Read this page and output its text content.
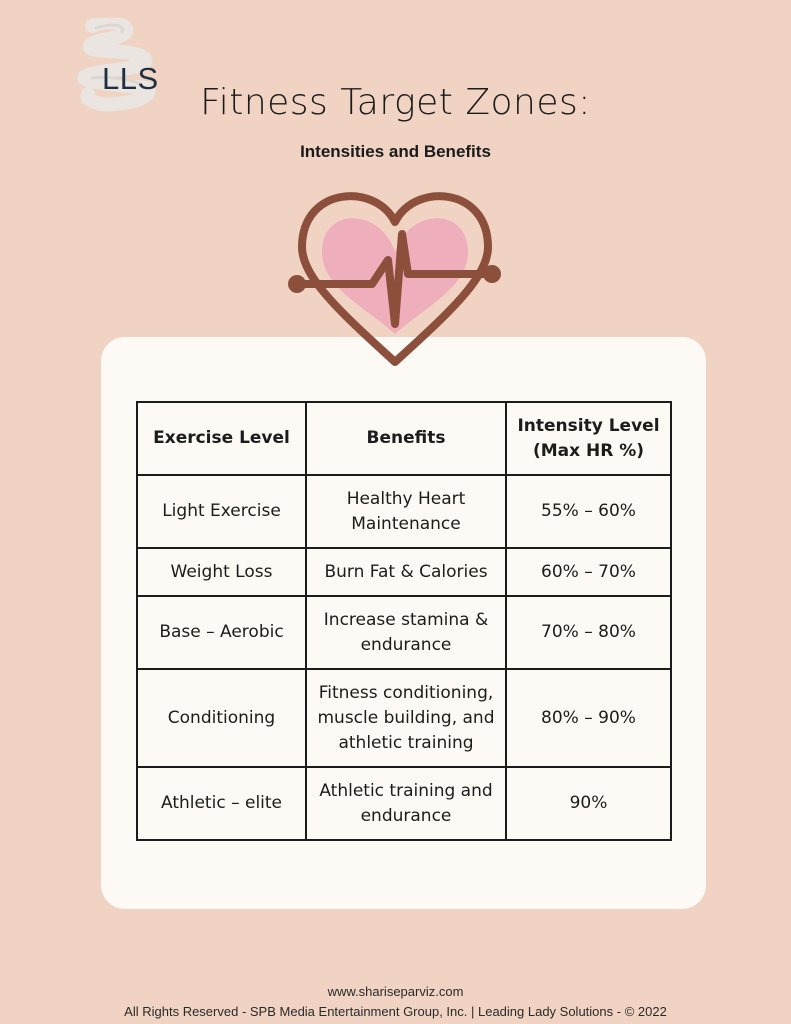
LLS
Fitness Target Zones:
Intensities and Benefits
Exercise Level	Benefits	Intensity Level (Max HR %)
Light Exercise	Healthy Heart Maintenance	55% – 60%
Weight Loss	Burn Fat & Calories	60% – 70%
Base – Aerobic	Increase stamina & endurance	70% – 80%
Conditioning	Fitness conditioning, muscle building, and athletic training	80% – 90%
Athletic – elite	Athletic training and endurance	90%
www.shariseparviz.com
All Rights Reserved - SPB Media Entertainment Group, Inc. | Leading Lady Solutions - © 2022
